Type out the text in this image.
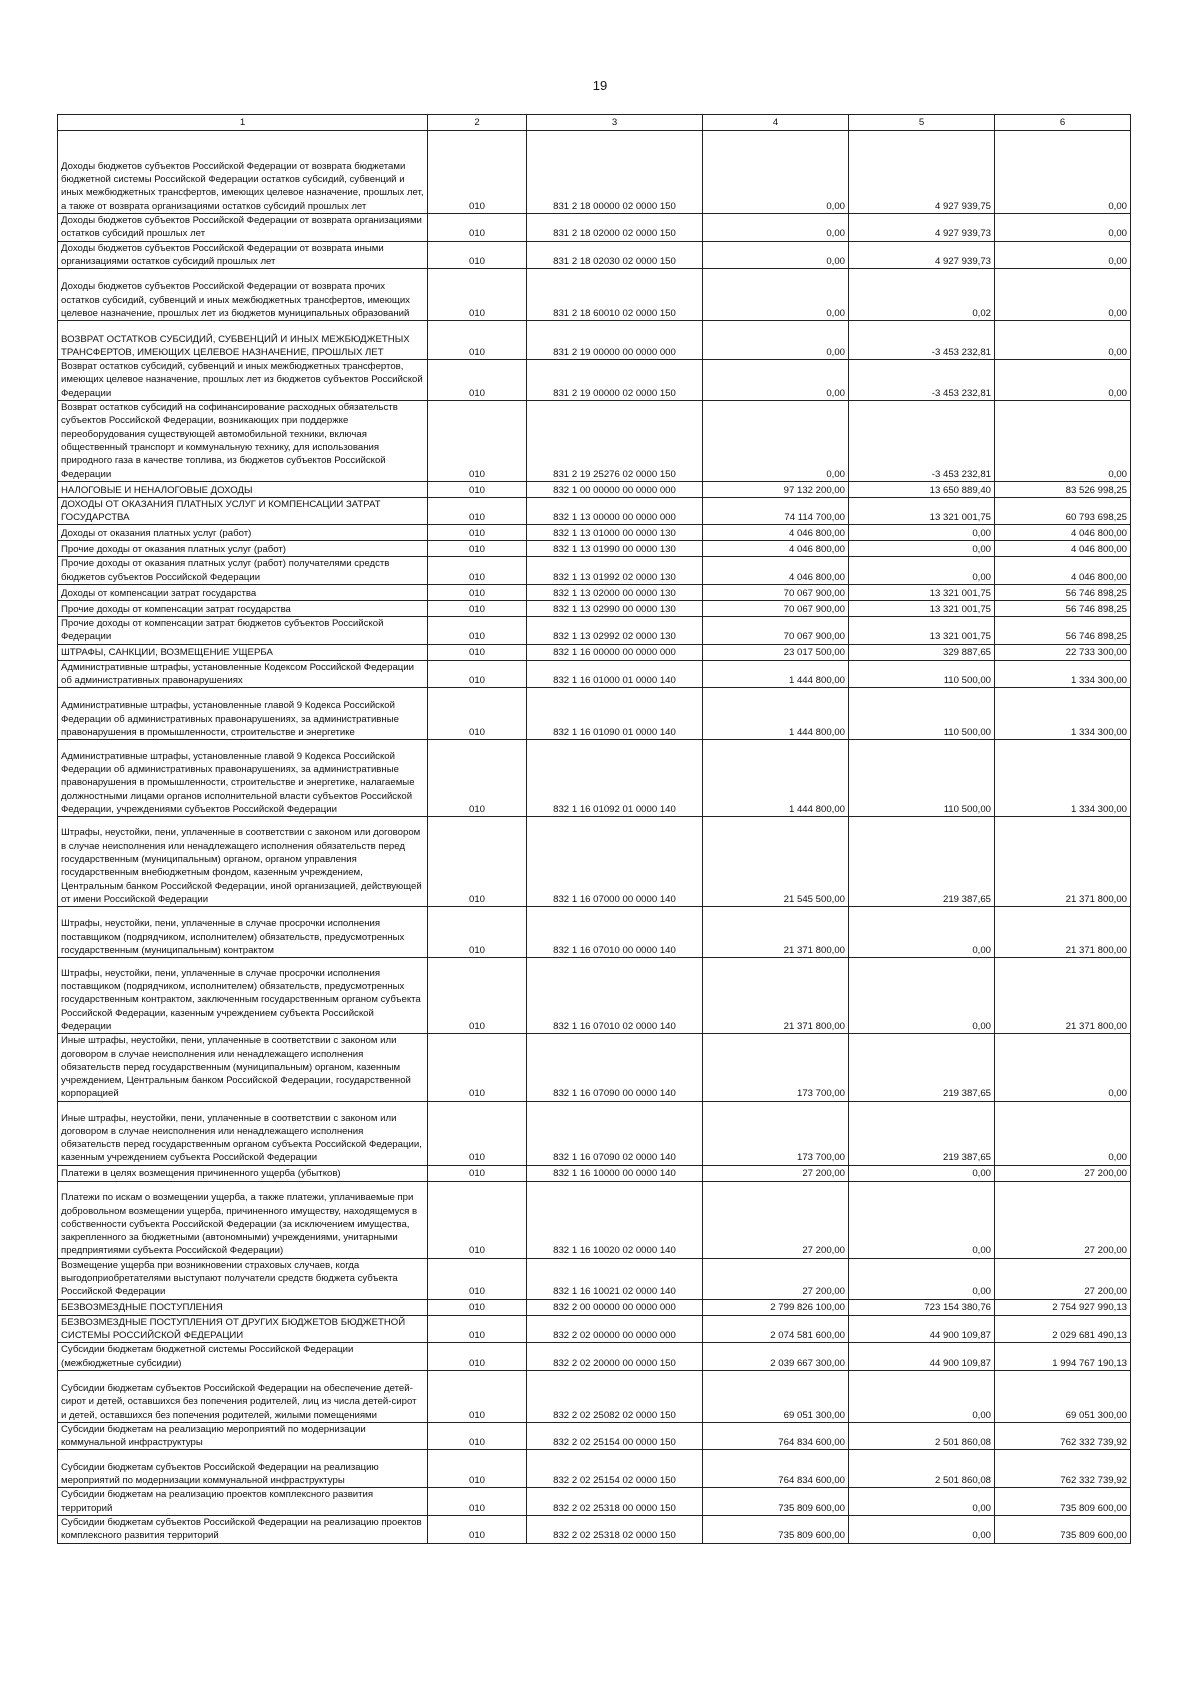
19
1	2	3	4	5	6
Доходы бюджетов субъектов Российской Федерации от возврата бюджетами бюджетной системы Российской Федерации остатков субсидий, субвенций и иных межбюджетных трансфертов, имеющих целевое назначение, прошлых лет, а также от возврата организациями остатков субсидий прошлых лет	010	831 2 18 00000 02 0000 150	0,00	4 927 939,75	0,00
Доходы бюджетов субъектов Российской Федерации от возврата организациями остатков субсидий прошлых лет	010	831 2 18 02000 02 0000 150	0,00	4 927 939,73	0,00
Доходы бюджетов субъектов Российской Федерации от возврата иными организациями остатков субсидий прошлых лет	010	831 2 18 02030 02 0000 150	0,00	4 927 939,73	0,00
Доходы бюджетов субъектов Российской Федерации от возврата прочих остатков субсидий, субвенций и иных межбюджетных трансфертов, имеющих целевое назначение, прошлых лет из бюджетов муниципальных образований	010	831 2 18 60010 02 0000 150	0,00	0,02	0,00
ВОЗВРАТ ОСТАТКОВ СУБСИДИЙ, СУБВЕНЦИЙ И ИНЫХ МЕЖБЮДЖЕТНЫХ ТРАНСФЕРТОВ, ИМЕЮЩИХ ЦЕЛЕВОЕ НАЗНАЧЕНИЕ, ПРОШЛЫХ ЛЕТ	010	831 2 19 00000 00 0000 000	0,00	-3 453 232,81	0,00
Возврат остатков субсидий, субвенций и иных межбюджетных трансфертов, имеющих целевое назначение, прошлых лет из бюджетов субъектов Российской Федерации	010	831 2 19 00000 02 0000 150	0,00	-3 453 232,81	0,00
Возврат остатков субсидий на софинансирование расходных обязательств субъектов Российской Федерации, возникающих при поддержке переоборудования существующей автомобильной техники, включая общественный транспорт и коммунальную технику, для использования природного газа в качестве топлива, из бюджетов субъектов Российской Федерации	010	831 2 19 25276 02 0000 150	0,00	-3 453 232,81	0,00
НАЛОГОВЫЕ И НЕНАЛОГОВЫЕ ДОХОДЫ	010	832 1 00 00000 00 0000 000	97 132 200,00	13 650 889,40	83 526 998,25
ДОХОДЫ ОТ ОКАЗАНИЯ ПЛАТНЫХ УСЛУГ И КОМПЕНСАЦИИ ЗАТРАТ ГОСУДАРСТВА	010	832 1 13 00000 00 0000 000	74 114 700,00	13 321 001,75	60 793 698,25
Доходы от оказания платных услуг (работ)	010	832 1 13 01000 00 0000 130	4 046 800,00	0,00	4 046 800,00
Прочие доходы от оказания платных услуг (работ)	010	832 1 13 01990 00 0000 130	4 046 800,00	0,00	4 046 800,00
Прочие доходы от оказания платных услуг (работ) получателями средств бюджетов субъектов Российской Федерации	010	832 1 13 01992 02 0000 130	4 046 800,00	0,00	4 046 800,00
Доходы от компенсации затрат государства	010	832 1 13 02000 00 0000 130	70 067 900,00	13 321 001,75	56 746 898,25
Прочие доходы от компенсации затрат государства	010	832 1 13 02990 00 0000 130	70 067 900,00	13 321 001,75	56 746 898,25
Прочие доходы от компенсации затрат бюджетов субъектов Российской Федерации	010	832 1 13 02992 02 0000 130	70 067 900,00	13 321 001,75	56 746 898,25
ШТРАФЫ, САНКЦИИ, ВОЗМЕЩЕНИЕ УЩЕРБА	010	832 1 16 00000 00 0000 000	23 017 500,00	329 887,65	22 733 300,00
Административные штрафы, установленные Кодексом Российской Федерации об административных правонарушениях	010	832 1 16 01000 01 0000 140	1 444 800,00	110 500,00	1 334 300,00
Административные штрафы, установленные главой 9 Кодекса Российской Федерации об административных правонарушениях, за административные правонарушения в промышленности, строительстве и энергетике	010	832 1 16 01090 01 0000 140	1 444 800,00	110 500,00	1 334 300,00
Административные штрафы, установленные главой 9 Кодекса Российской Федерации об административных правонарушениях, за административные правонарушения в промышленности, строительстве и энергетике, налагаемые должностными лицами органов исполнительной власти субъектов Российской Федерации, учреждениями субъектов Российской Федерации	010	832 1 16 01092 01 0000 140	1 444 800,00	110 500,00	1 334 300,00
Штрафы, неустойки, пени, уплаченные в соответствии с законом или договором в случае неисполнения или ненадлежащего исполнения обязательств перед государственным (муниципальным) органом, органом управления государственным внебюджетным фондом, казенным учреждением, Центральным банком Российской Федерации, иной организацией, действующей от имени Российской Федерации	010	832 1 16 07000 00 0000 140	21 545 500,00	219 387,65	21 371 800,00
Штрафы, неустойки, пени, уплаченные в случае просрочки исполнения поставщиком (подрядчиком, исполнителем) обязательств, предусмотренных государственным (муниципальным) контрактом	010	832 1 16 07010 00 0000 140	21 371 800,00	0,00	21 371 800,00
Штрафы, неустойки, пени, уплаченные в случае просрочки исполнения поставщиком (подрядчиком, исполнителем) обязательств, предусмотренных государственным контрактом, заключенным государственным органом субъекта Российской Федерации, казенным учреждением субъекта Российской Федерации	010	832 1 16 07010 02 0000 140	21 371 800,00	0,00	21 371 800,00
Иные штрафы, неустойки, пени, уплаченные в соответствии с законом или договором в случае неисполнения или ненадлежащего исполнения обязательств перед государственным (муниципальным) органом, казенным учреждением, Центральным банком Российской Федерации, государственной корпорацией	010	832 1 16 07090 00 0000 140	173 700,00	219 387,65	0,00
Иные штрафы, неустойки, пени, уплаченные в соответствии с законом или договором в случае неисполнения или ненадлежащего исполнения обязательств перед государственным органом субъекта Российской Федерации, казенным учреждением субъекта Российской Федерации	010	832 1 16 07090 02 0000 140	173 700,00	219 387,65	0,00
Платежи в целях возмещения причиненного ущерба (убытков)	010	832 1 16 10000 00 0000 140	27 200,00	0,00	27 200,00
Платежи по искам о возмещении ущерба, а также платежи, уплачиваемые при добровольном возмещении ущерба, причиненного имуществу, находящемуся в собственности субъекта Российской Федерации (за исключением имущества, закрепленного за бюджетными (автономными) учреждениями, унитарными предприятиями субъекта Российской Федерации)	010	832 1 16 10020 02 0000 140	27 200,00	0,00	27 200,00
Возмещение ущерба при возникновении страховых случаев, когда выгодоприобретателями выступают получатели средств бюджета субъекта Российской Федерации	010	832 1 16 10021 02 0000 140	27 200,00	0,00	27 200,00
БЕЗВОЗМЕЗДНЫЕ ПОСТУПЛЕНИЯ	010	832 2 00 00000 00 0000 000	2 799 826 100,00	723 154 380,76	2 754 927 990,13
БЕЗВОЗМЕЗДНЫЕ ПОСТУПЛЕНИЯ ОТ ДРУГИХ БЮДЖЕТОВ БЮДЖЕТНОЙ СИСТЕМЫ РОССИЙСКОЙ ФЕДЕРАЦИИ	010	832 2 02 00000 00 0000 000	2 074 581 600,00	44 900 109,87	2 029 681 490,13
Субсидии бюджетам бюджетной системы Российской Федерации (межбюджетные субсидии)	010	832 2 02 20000 00 0000 150	2 039 667 300,00	44 900 109,87	1 994 767 190,13
Субсидии бюджетам субъектов Российской Федерации на обеспечение детей-сирот и детей, оставшихся без попечения родителей, лиц из числа детей-сирот и детей, оставшихся без попечения родителей, жилыми помещениями	010	832 2 02 25082 02 0000 150	69 051 300,00	0,00	69 051 300,00
Субсидии бюджетам на реализацию мероприятий по модернизации коммунальной инфраструктуры	010	832 2 02 25154 00 0000 150	764 834 600,00	2 501 860,08	762 332 739,92
Субсидии бюджетам субъектов Российской Федерации на реализацию мероприятий по модернизации коммунальной инфраструктуры	010	832 2 02 25154 02 0000 150	764 834 600,00	2 501 860,08	762 332 739,92
Субсидии бюджетам на реализацию проектов комплексного развития территорий	010	832 2 02 25318 00 0000 150	735 809 600,00	0,00	735 809 600,00
Субсидии бюджетам субъектов Российской Федерации на реализацию проектов комплексного развития территорий	010	832 2 02 25318 02 0000 150	735 809 600,00	0,00	735 809 600,00
